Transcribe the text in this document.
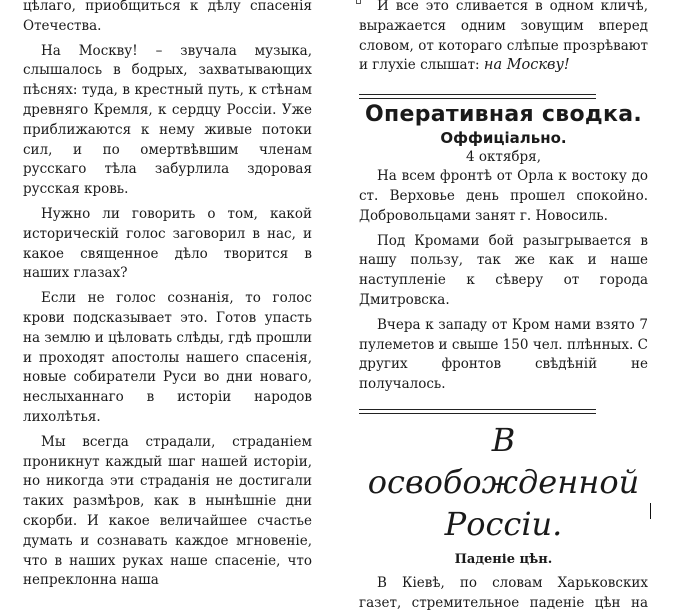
цѣлаго, приобщиться к дѣлу спасенія Отечества.

На Москву! – звучала музыка, слышалось в бодрых, захватывающих пѣснях: туда, в крестный путь, к стѣнам древняго Кремля, к сердцу Россіи. Уже приближаются к нему живые потоки сил, и по омертвѣвшим членам русскаго тѣла забурлила здоровая русская кровь.

Нужно ли говорить о том, какой историческій голос заговорил в нас, и какое священное дѣло творится в наших глазах?

Если не голос сознанія, то голос крови подсказывает это. Готов упасть на землю и цѣловать слѣды, гдѣ прошли и проходят апостолы нашего спасенія, новые собиратели Руси во дни новаго, неслыханнаго в исторіи народов лихолѣтья.

Мы всегда страдали, страданіем проникнут каждый шаг нашей исторіи, но никогда эти страданія не достигали таких размѣров, как в нынѣшніе дни скорби. И какое величайшее счастье думать и сознавать каждое мгновеніе, что в наших руках наше спасеніе, что непреклонна наша

И все это сливается в одном кличѣ, выражается одним зовущим вперед словом, от котораго слѣпые прозрѣвают и глухіе слышат: на Москву!

Оперативная сводка.
Оффиціально.
4 октября,

На всем фронтѣ от Орла к востоку до ст. Верховье день прошел спокойно. Добровольцами занят г. Новосиль.

Под Кромами бой разыгрывается в нашу пользу, так же как и наше наступленіе к сѣверу от города Дмитровска.

Вчера к западу от Кром нами взято 7 пулеметов и свыше 150 чел. плѣнных. С других фронтов свѣдѣній не получалось.

В освобожденной
Россіи.
Паденіе цѣн.

В Кіевѣ, по словам Харьковских газет, стремительное паденіе цѣн на
